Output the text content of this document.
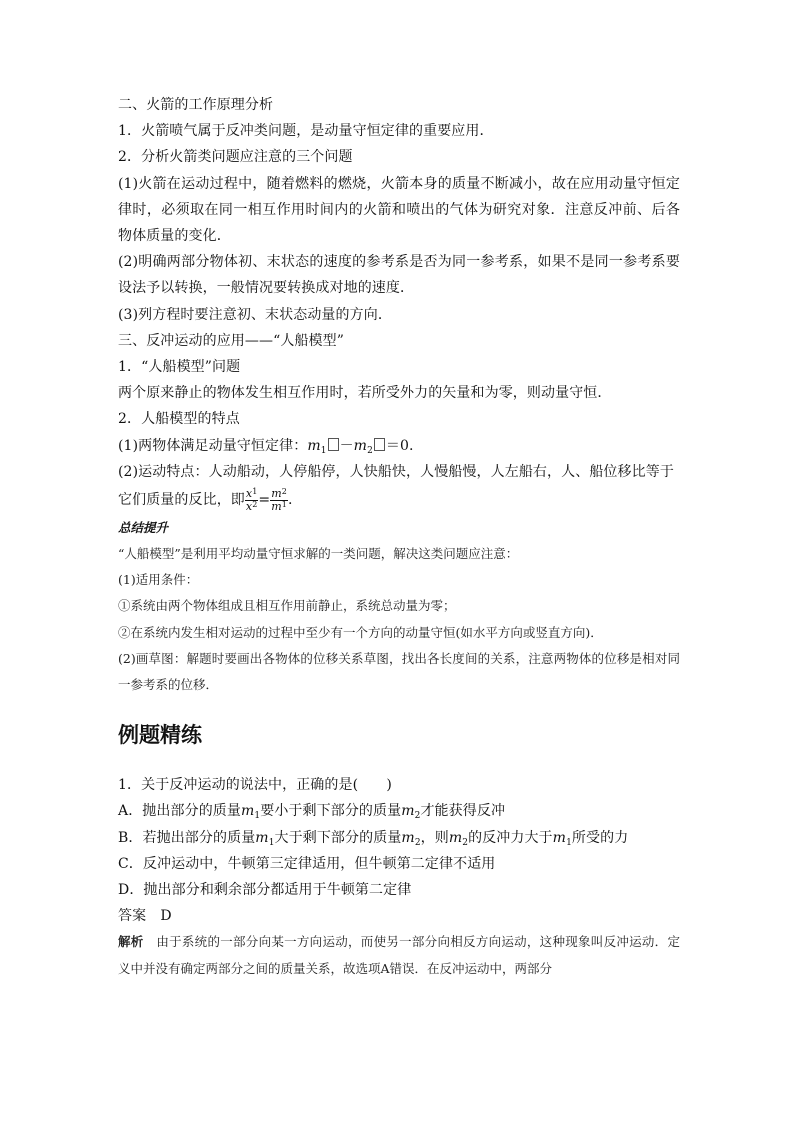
二、火箭的工作原理分析
1．火箭喷气属于反冲类问题，是动量守恒定律的重要应用．
2．分析火箭类问题应注意的三个问题
(1)火箭在运动过程中，随着燃料的燃烧，火箭本身的质量不断减小，故在应用动量守恒定律时，必须取在同一相互作用时间内的火箭和喷出的气体为研究对象．注意反冲前、后各物体质量的变化．
(2)明确两部分物体初、末状态的速度的参考系是否为同一参考系，如果不是同一参考系要设法予以转换，一般情况要转换成对地的速度．
(3)列方程时要注意初、末状态动量的方向．
三、反冲运动的应用——“人船模型”
1．“人船模型”问题
两个原来静止的物体发生相互作用时，若所受外力的矢量和为零，则动量守恒．
2．人船模型的特点
(1)两物体满足动量守恒定律：$m_1 -m_2 =0$.
(2)运动特点：人动船动，人停船停，人快船快，人慢船慢，人左船右，人、船位移比等于
它们质量的反比，即 $\frac{x^1}{x^2} = \frac{m^2}{m^1}$ .
总结提升
“人船模型”是利用平均动量守恒求解的一类问题，解决这类问题应注意：
(1)适用条件：
①系统由两个物体组成且相互作用前静止，系统总动量为零；
②在系统内发生相对运动的过程中至少有一个方向的动量守恒(如水平方向或竖直方向)．
(2)画草图：解题时要画出各物体的位移关系草图，找出各长度间的关系，注意两物体的位移是相对同一参考系的位移．
例题精练
1．关于反冲运动的说法中，正确的是(　　)
A．抛出部分的质量$m_1$要小于剩下部分的质量$m_2$才能获得反冲
B．若抛出部分的质量$m_1$大于剩下部分的质量$m_2$，则$m_2$的反冲力大于$m_1$所受的力
C．反冲运动中，牛顿第三定律适用，但牛顿第二定律不适用
D．抛出部分和剩余部分都适用于牛顿第二定律
答案　 D
解析　 由于系统的一部分向某一方向运动，而使另一部分向相反方向运动，这种现象叫反冲运动．定义中并没有确定两部分之间的质量关系，故选项A错误．在反冲运动中，两部分
